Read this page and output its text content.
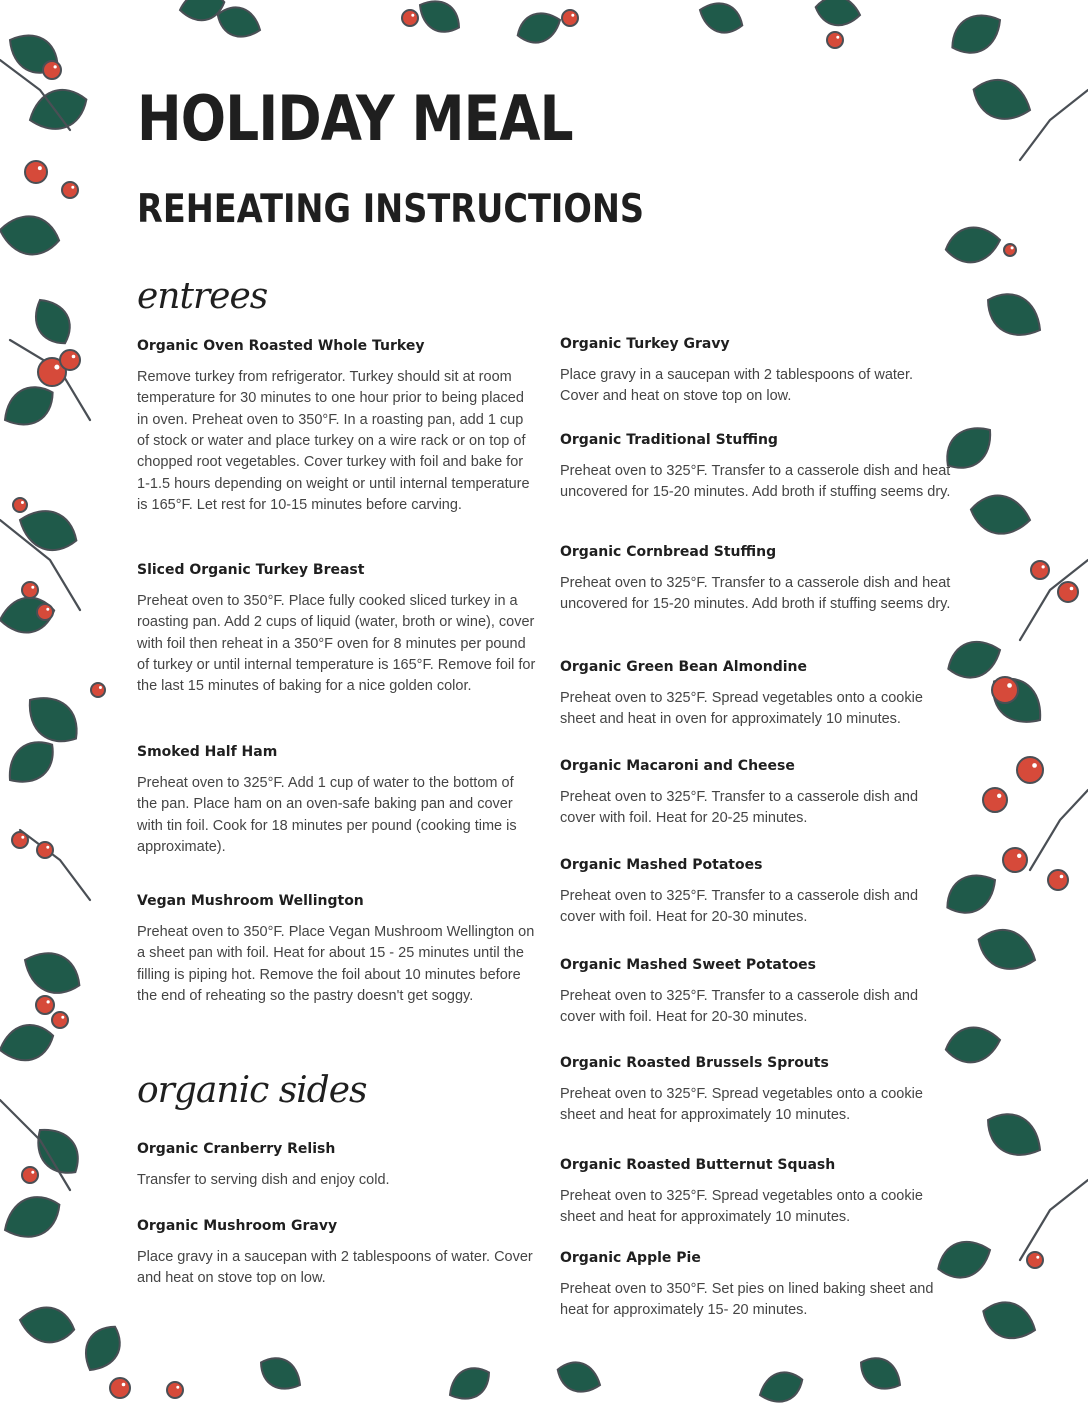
HOLIDAY MEAL
REHEATING INSTRUCTIONS
entrees

Organic Oven Roasted Whole Turkey

Remove turkey from refrigerator. Turkey should sit at room temperature for 30 minutes to one hour prior to being placed in oven. Preheat oven to 350°F. In a roasting pan, add 1 cup of stock or water and place turkey on a wire rack or on top of chopped root vegetables. Cover turkey with foil and bake for 1-1.5 hours depending on weight or until internal temperature is 165°F. Let rest for 10-15 minutes before carving.

Sliced Organic Turkey Breast

Preheat oven to 350°F. Place fully cooked sliced turkey in a roasting pan. Add 2 cups of liquid (water, broth or wine), cover with foil then reheat in a 350°F oven for 8 minutes per pound of turkey or until internal temperature is 165°F. Remove foil for the last 15 minutes of baking for a nice golden color.

Smoked Half Ham

Preheat oven to 325°F. Add 1 cup of water to the bottom of the pan. Place ham on an oven-safe baking pan and cover with tin foil. Cook for 18 minutes per pound (cooking time is approximate).

Vegan Mushroom Wellington

Preheat oven to 350°F. Place Vegan Mushroom Wellington on a sheet pan with foil. Heat for about 15 - 25 minutes until the filling is piping hot. Remove the foil about 10 minutes before the end of reheating so the pastry doesn't get soggy.

organic sides

Organic Cranberry Relish

Transfer to serving dish and enjoy cold.

Organic Mushroom Gravy

Place gravy in a saucepan with 2 tablespoons of water. Cover and heat on stove top on low.

Organic Turkey Gravy

Place gravy in a saucepan with 2 tablespoons of water. Cover and heat on stove top on low.

Organic Traditional Stuffing

Preheat oven to 325°F. Transfer to a casserole dish and heat uncovered for 15-20 minutes. Add broth if stuffing seems dry.

Organic Cornbread Stuffing

Preheat oven to 325°F. Transfer to a casserole dish and heat uncovered for 15-20 minutes. Add broth if stuffing seems dry.

Organic Green Bean Almondine

Preheat oven to 325°F. Spread vegetables onto a cookie sheet and heat in oven for approximately 10 minutes.

Organic Macaroni and Cheese

Preheat oven to 325°F. Transfer to a casserole dish and cover with foil. Heat for 20-25 minutes.

Organic Mashed Potatoes

Preheat oven to 325°F. Transfer to a casserole dish and cover with foil. Heat for 20-30 minutes.

Organic Mashed Sweet Potatoes

Preheat oven to 325°F. Transfer to a casserole dish and cover with foil. Heat for 20-30 minutes.

Organic Roasted Brussels Sprouts

Preheat oven to 325°F. Spread vegetables onto a cookie sheet and heat for approximately 10 minutes.

Organic Roasted Butternut Squash

Preheat oven to 325°F. Spread vegetables onto a cookie sheet and heat for approximately 10 minutes.

Organic Apple Pie

Preheat oven to 350°F. Set pies on lined baking sheet and heat for approximately 15- 20 minutes.
